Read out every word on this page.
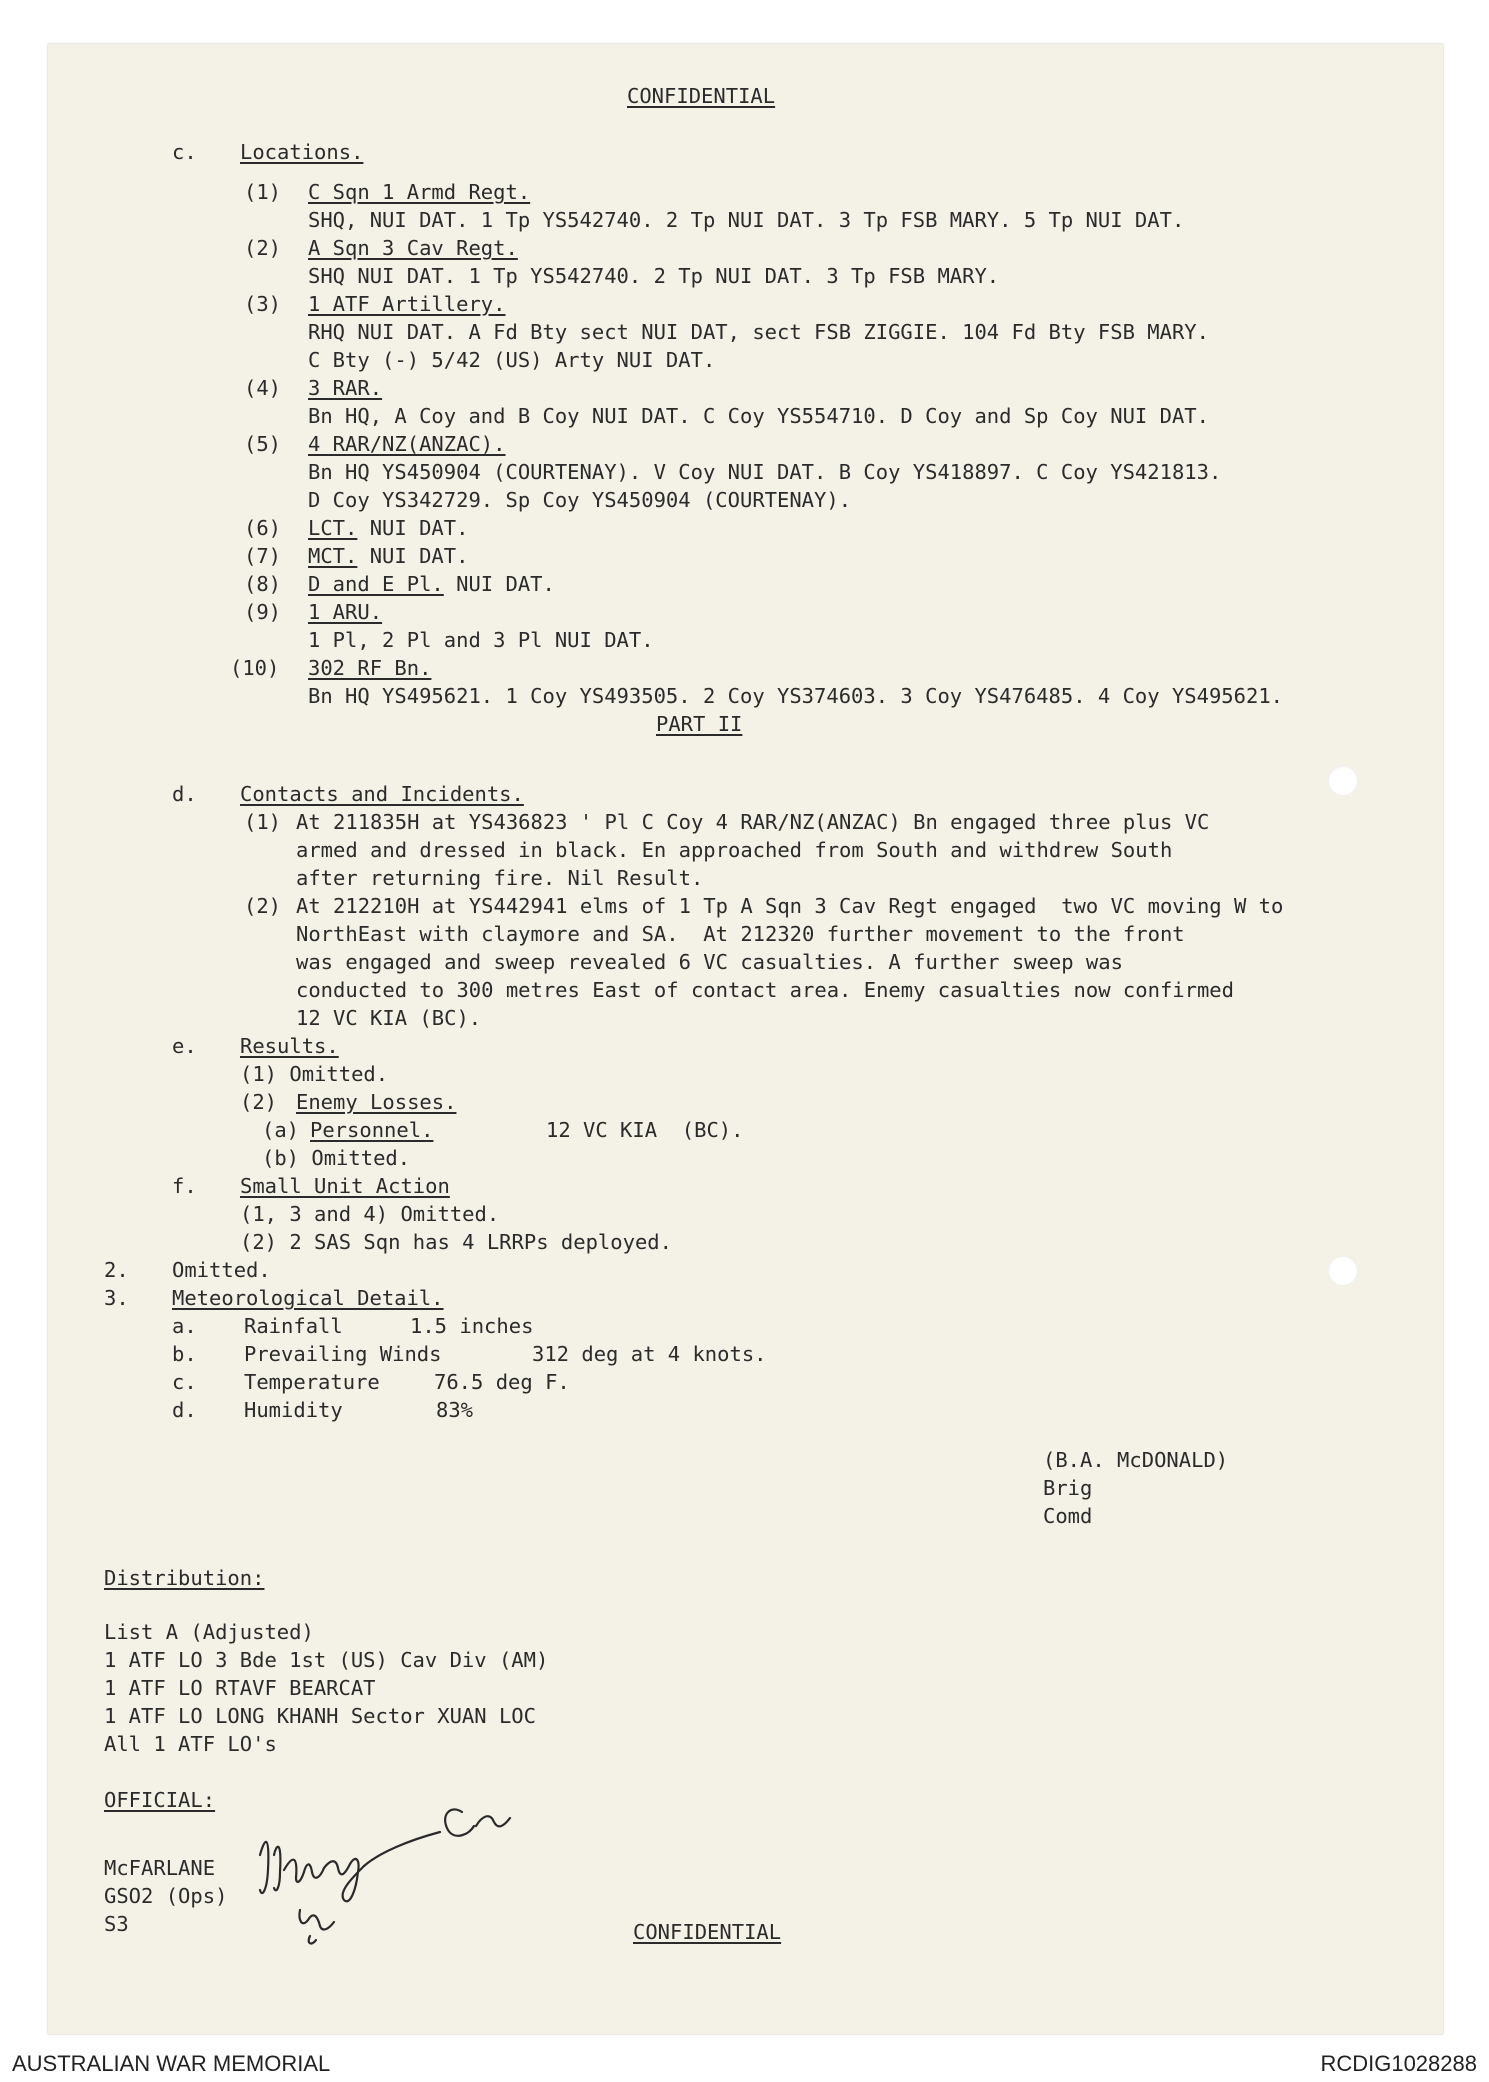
CONFIDENTIAL
c. Locations.
(1) C Sqn 1 Armd Regt.
SHQ, NUI DAT. 1 Tp YS542740. 2 Tp NUI DAT. 3 Tp FSB MARY. 5 Tp NUI DAT.
(2) A Sqn 3 Cav Regt.
SHQ NUI DAT. 1 Tp YS542740. 2 Tp NUI DAT. 3 Tp FSB MARY.
(3) 1 ATF Artillery.
RHQ NUI DAT. A Fd Bty sect NUI DAT, sect FSB ZIGGIE. 104 Fd Bty FSB MARY.
C Bty (-) 5/42 (US) Arty NUI DAT.
(4) 3 RAR.
Bn HQ, A Coy and B Coy NUI DAT. C Coy YS554710. D Coy and Sp Coy NUI DAT.
(5) 4 RAR/NZ(ANZAC).
Bn HQ YS450904 (COURTENAY). V Coy NUI DAT. B Coy YS418897. C Coy YS421813.
D Coy YS342729. Sp Coy YS450904 (COURTENAY).
(6) LCT. NUI DAT.
(7) MCT. NUI DAT.
(8) D and E Pl. NUI DAT.
(9) 1 ARU.
1 Pl, 2 Pl and 3 Pl NUI DAT.
(10) 302 RF Bn.
Bn HQ YS495621. 1 Coy YS493505. 2 Coy YS374603. 3 Coy YS476485. 4 Coy YS495621.
PART II
d. Contacts and Incidents.
(1) At 211835H at YS436823 ' Pl C Coy 4 RAR/NZ(ANZAC) Bn engaged three plus VC
armed and dressed in black. En approached from South and withdrew South
after returning fire. Nil Result.
(2) At 212210H at YS442941 elms of 1 Tp A Sqn 3 Cav Regt engaged  two VC moving W to
NorthEast with claymore and SA.  At 212320 further movement to the front
was engaged and sweep revealed 6 VC casualties. A further sweep was
conducted to 300 metres East of contact area. Enemy casualties now confirmed
12 VC KIA (BC).
e. Results.
(1) Omitted.
(2) Enemy Losses.
(a) Personnel.	12 VC KIA  (BC).
(b) Omitted.
f. Small Unit Action
(1, 3 and 4) Omitted.
(2) 2 SAS Sqn has 4 LRRPs deployed.
2. Omitted.
3. Meteorological Detail.
a. Rainfall	1.5 inches
b. Prevailing Winds	312 deg at 4 knots.
c. Temperature	76.5 deg F.
d. Humidity	83%
(B.A. McDONALD)
Brig
Comd
Distribution:
List A (Adjusted)
1 ATF LO 3 Bde 1st (US) Cav Div (AM)
1 ATF LO RTAVF BEARCAT
1 ATF LO LONG KHANH Sector XUAN LOC
All 1 ATF LO's
OFFICIAL:
McFARLANE
GSO2 (Ops)
S3	CONFIDENTIAL
AUSTRALIAN WAR MEMORIAL	RCDIG1028288
